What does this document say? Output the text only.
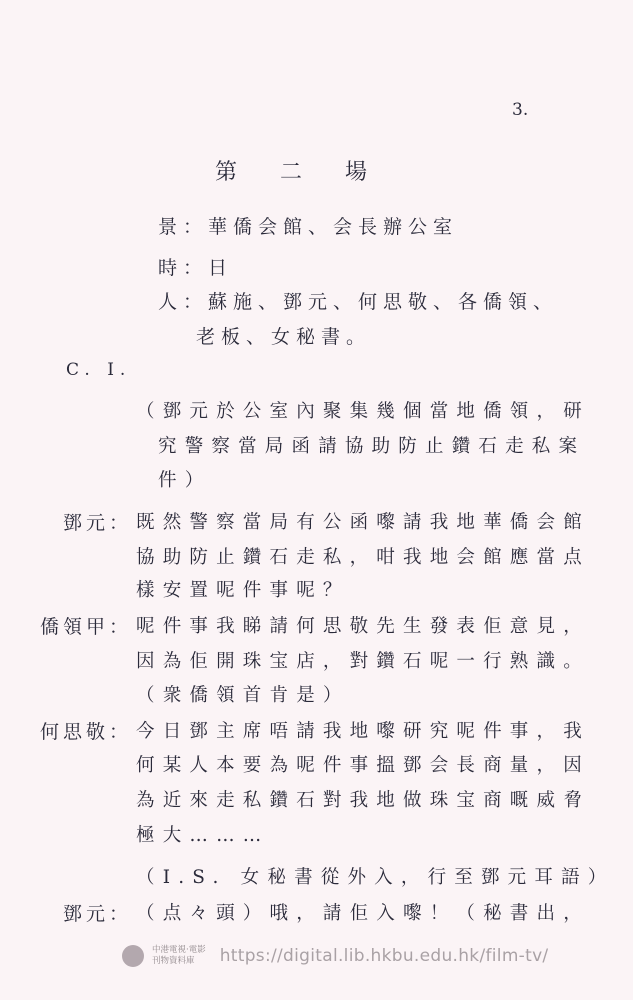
3.
第 二 場
景：華僑会館、会長辦公室
時：日
人：蘇施、鄧元、何思敬、各僑領、
老板、女秘書。
C. I.
（鄧元於公室內聚集幾個當地僑領，研
究警察當局函請協助防止鑽石走私案
件）
鄧元： 既然警察當局有公函嚟請我地華僑会館
協助防止鑽石走私，咁我地会館應當点
樣安置呢件事呢？
僑領甲： 呢件事我睇請何思敬先生發表佢意見，
因為佢開珠宝店，對鑽石呢一行熟識。
（衆僑領首肯是）
何思敬： 今日鄧主席唔請我地嚟研究呢件事，我
何某人本要為呢件事搵鄧会長商量，因
為近來走私鑽石對我地做珠宝商嘅威脅
極大………
（I.S. 女秘書從外入，行至鄧元耳語）
鄧元： （点々頭）哦，請佢入嚟！（秘書出，
中港電視·電影
刊物資料庫	https://digital.lib.hkbu.edu.hk/film-tv/
